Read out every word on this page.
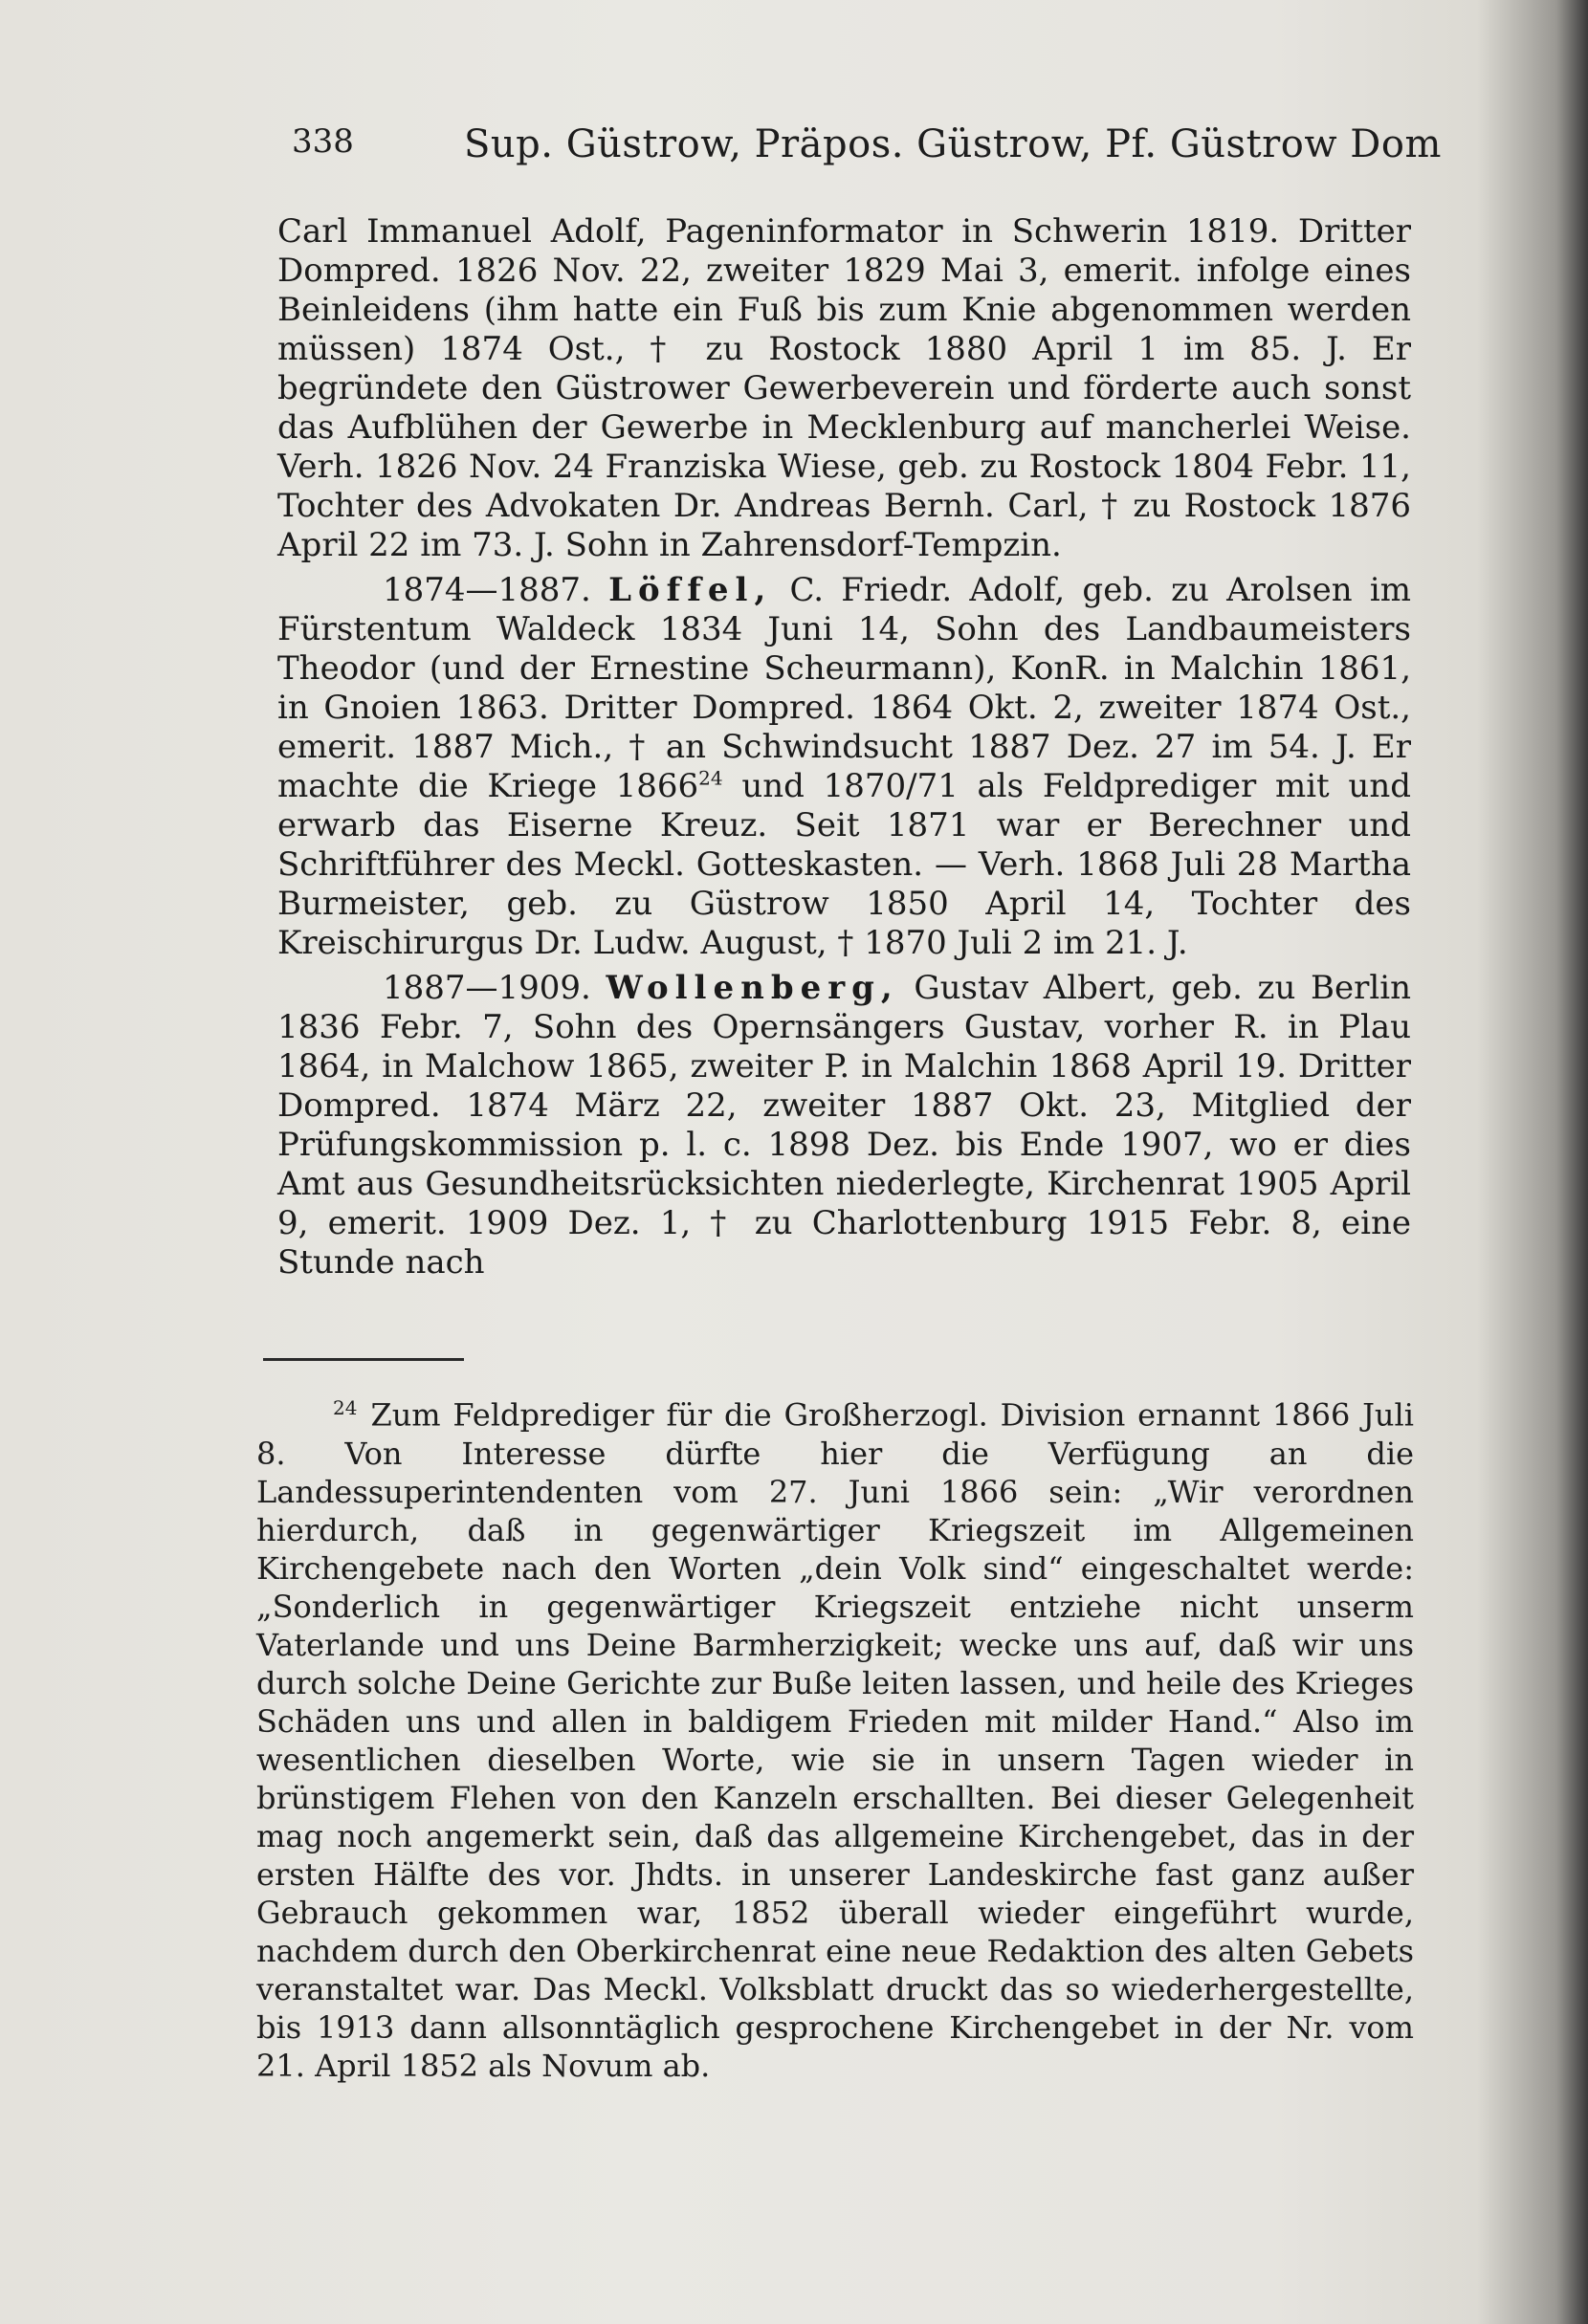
338	Sup. Güstrow, Präpos. Güstrow, Pf. Güstrow Dom

Carl Immanuel Adolf, Pageninformator in Schwerin 1819. Dritter Dompred. 1826 Nov. 22, zweiter 1829 Mai 3, emerit. infolge eines Beinleidens (ihm hatte ein Fuß bis zum Knie abgenommen werden müssen) 1874 Ost., † zu Rostock 1880 April 1 im 85. J. Er begründete den Güstrower Gewerbeverein und förderte auch sonst das Aufblühen der Gewerbe in Mecklenburg auf mancherlei Weise. Verh. 1826 Nov. 24 Franziska Wiese, geb. zu Rostock 1804 Febr. 11, Tochter des Advokaten Dr. Andreas Bernh. Carl, † zu Rostock 1876 April 22 im 73. J. Sohn in Zahrensdorf-Tempzin.

1874—1887. Löffel, C. Friedr. Adolf, geb. zu Arolsen im Fürstentum Waldeck 1834 Juni 14, Sohn des Landbaumeisters Theodor (und der Ernestine Scheurmann), KonR. in Malchin 1861, in Gnoien 1863. Dritter Dompred. 1864 Okt. 2, zweiter 1874 Ost., emerit. 1887 Mich., † an Schwindsucht 1887 Dez. 27 im 54. J. Er machte die Kriege 1866$^{24}$ und 1870/71 als Feldprediger mit und erwarb das Eiserne Kreuz. Seit 1871 war er Berechner und Schriftführer des Meckl. Gotteskasten. — Verh. 1868 Juli 28 Martha Burmeister, geb. zu Güstrow 1850 April 14, Tochter des Kreischirurgus Dr. Ludw. August, † 1870 Juli 2 im 21. J.

1887—1909. Wollenberg, Gustav Albert, geb. zu Berlin 1836 Febr. 7, Sohn des Opernsängers Gustav, vorher R. in Plau 1864, in Malchow 1865, zweiter P. in Malchin 1868 April 19. Dritter Dompred. 1874 März 22, zweiter 1887 Okt. 23, Mitglied der Prüfungskommission p. l. c. 1898 Dez. bis Ende 1907, wo er dies Amt aus Gesundheitsrücksichten niederlegte, Kirchenrat 1905 April 9, emerit. 1909 Dez. 1, † zu Charlottenburg 1915 Febr. 8, eine Stunde nach

$^{24}$ Zum Feldprediger für die Großherzogl. Division ernannt 1866 Juli 8. Von Interesse dürfte hier die Verfügung an die Landessuperintendenten vom 27. Juni 1866 sein: „Wir verordnen hierdurch, daß in gegenwärtiger Kriegszeit im Allgemeinen Kirchengebete nach den Worten „dein Volk sind“ eingeschaltet werde: „Sonderlich in gegenwärtiger Kriegszeit entziehe nicht unserm Vaterlande und uns Deine Barmherzigkeit; wecke uns auf, daß wir uns durch solche Deine Gerichte zur Buße leiten lassen, und heile des Krieges Schäden uns und allen in baldigem Frieden mit milder Hand.“ Also im wesentlichen dieselben Worte, wie sie in unsern Tagen wieder in brünstigem Flehen von den Kanzeln erschallten. Bei dieser Gelegenheit mag noch angemerkt sein, daß das allgemeine Kirchengebet, das in der ersten Hälfte des vor. Jhdts. in unserer Landeskirche fast ganz außer Gebrauch gekommen war, 1852 überall wieder eingeführt wurde, nachdem durch den Oberkirchenrat eine neue Redaktion des alten Gebets veranstaltet war. Das Meckl. Volksblatt druckt das so wiederhergestellte, bis 1913 dann allsonntäglich gesprochene Kirchengebet in der Nr. vom 21. April 1852 als Novum ab.
